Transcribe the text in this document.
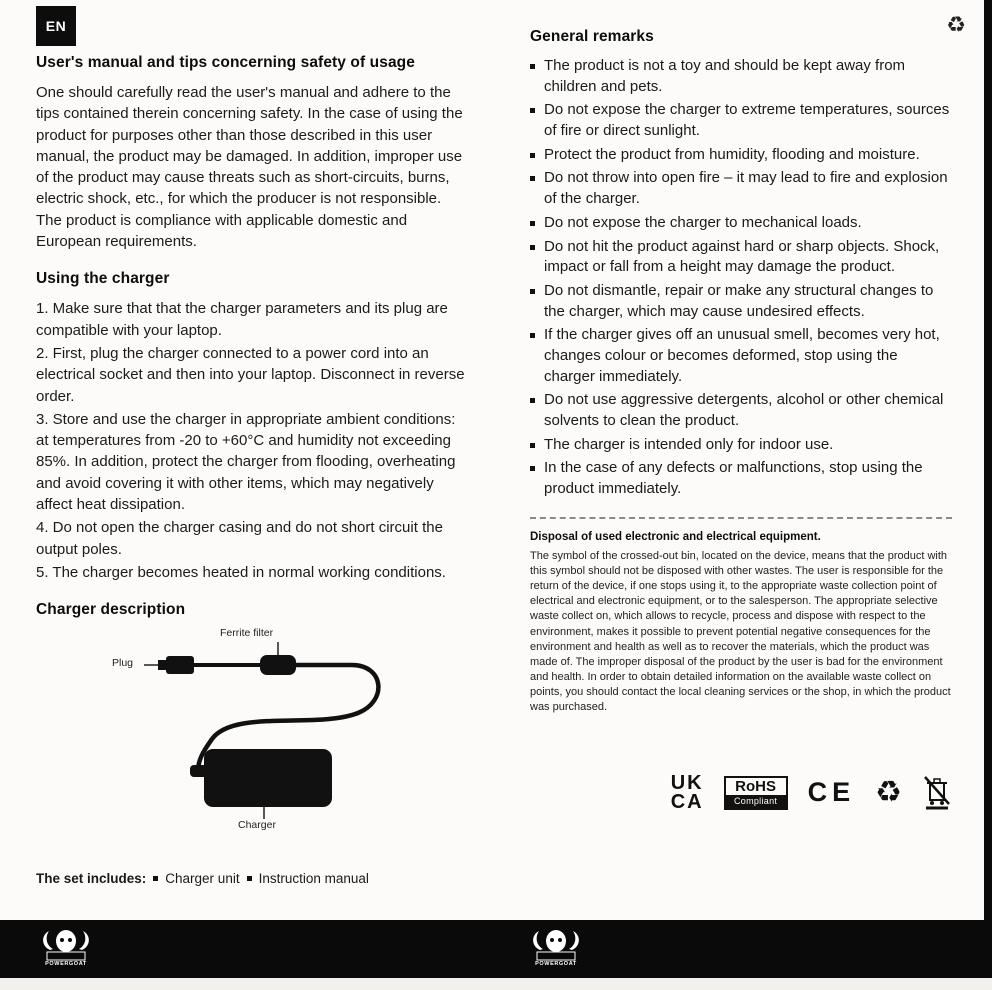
EN	♻
User's manual and tips concerning safety of usage

One should carefully read the user's manual and adhere to the tips contained therein concerning safety. In the case of using the product for purposes other than those described in this user manual, the product may be damaged. In addition, improper use of the product may cause threats such as short-circuits, burns, electric shock, etc., for which the producer is not responsible. The product is compliance with applicable domestic and European requirements.

Using the charger

1. Make sure that that the charger parameters and its plug are compatible with your laptop.

2. First, plug the charger connected to a power cord into an electrical socket and then into your laptop. Disconnect in reverse order.

3. Store and use the charger in appropriate ambient conditions: at temperatures from -20 to +60°C and humidity not exceeding 85%. In addition, protect the charger from flooding, overheating and avoid covering it with other items, which may negatively affect heat dissipation.

4. Do not open the charger casing and do not short circuit the output poles.

5. The charger becomes heated in normal working conditions.

Charger description
Ferrite filter
Plug
Charger
The set includes: Charger unit Instruction manual
General remarks
The product is not a toy and should be kept away from children and pets.
Do not expose the charger to extreme temperatures, sources of fire or direct sunlight.
Protect the product from humidity, flooding and moisture.
Do not throw into open fire – it may lead to fire and explosion of the charger.
Do not expose the charger to mechanical loads.
Do not hit the product against hard or sharp objects. Shock, impact or fall from a height may damage the product.
Do not dismantle, repair or make any structural changes to the charger, which may cause undesired effects.
If the charger gives off an unusual smell, becomes very hot, changes colour or becomes deformed, stop using the charger immediately.
Do not use aggressive detergents, alcohol or other chemical solvents to clean the product.
The charger is intended only for indoor use.
In the case of any defects or malfunctions, stop using the product immediately.
Disposal of used electronic and electrical equipment.

The symbol of the crossed-out bin, located on the device, means that the product with this symbol should not be disposed with other wastes. The user is responsible for the return of the device, if one stops using it, to the appropriate waste collection point of electrical and electronic equipment, or to the salesperson. The appropriate selective waste collect on, which allows to recycle, process and dispose with respect to the environment, makes it possible to prevent potential negative consequences for the environment and health as well as to recover the materials, which the product was made of. The improper disposal of the product by the user is bad for the environment and health. In order to obtain detailed information on the available waste collect on points, you should contact the local cleaning services or the shop, in which the product was purchased.

UK
CA
RoHS
Compliant	CE ♻
POWERGOAT	POWERGOAT
